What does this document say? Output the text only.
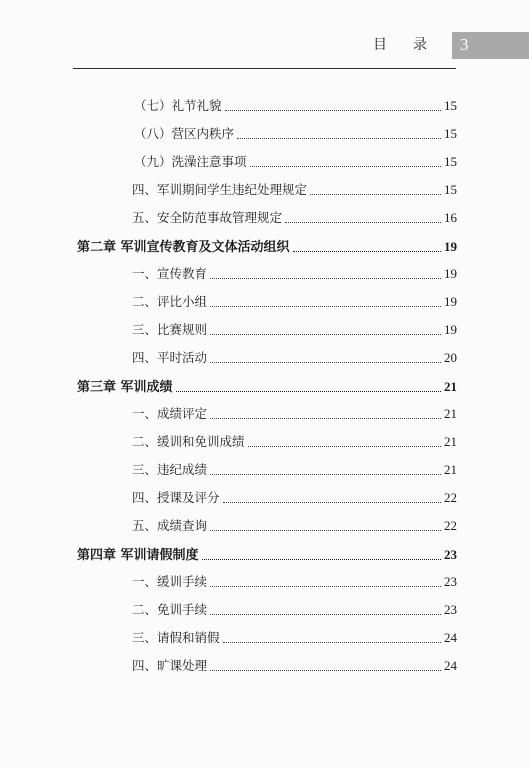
目 录 3
（七）礼节礼貌	15
（八）营区内秩序	15
（九）洗澡注意事项	15
四、军训期间学生违纪处理规定	15
五、安全防范事故管理规定	16
第二章 军训宣传教育及文体活动组织	19
一、宣传教育	19
二、评比小组	19
三、比赛规则	19
四、平时活动	20
第三章 军训成绩	21
一、成绩评定	21
二、缓训和免训成绩	21
三、违纪成绩	21
四、授课及评分	22
五、成绩查询	22
第四章 军训请假制度	23
一、缓训手续	23
二、免训手续	23
三、请假和销假	24
四、旷课处理	24
